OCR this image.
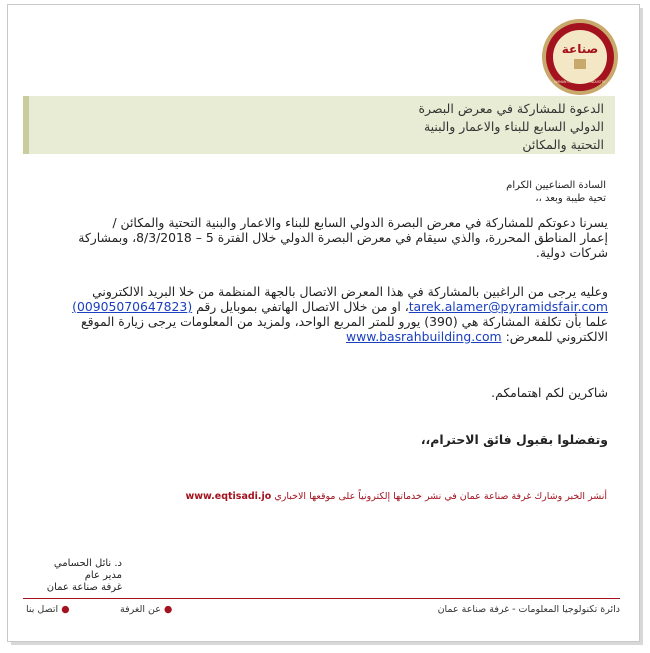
صناعة
AMMAN CHAMBER OF INDUSTRY
الدعوة للمشاركة في معرض البصرة
الدولي السابع للبناء والاعمار والبنية
التحتية والمكائن
السادة الصناعيين الكرام
تحية طيبة وبعد ،،
يسرنا دعوتكم للمشاركة في معرض البصرة الدولي السابع للبناء والاعمار والبنية التحتية والمكائن /
إعمار المناطق المحررة، والذي سيقام في معرض البصرة الدولي خلال الفترة 5 – 8/3/2018، وبمشاركة
شركات دولية.
وعليه يرجى من الراغبين بالمشاركة في هذا المعرض الاتصال بالجهة المنظمة من خلا البريد الالكتروني
tarek.alamer@pyramidsfair.com، او من خلال الاتصال الهاتفي بموبايل رقم (00905070647823)
علما بأن تكلفة المشاركة هي (390) يورو للمتر المربع الواحد، ولمزيد من المعلومات يرجى زيارة الموقع
الالكتروني للمعرض: www.basrahbuilding.com
شاكرين لكم اهتمامكم.
وتفضلوا بقبول فائق الاحترام،،
أنشر الخبر وشارك غرفة صناعة عمان في نشر خدماتها إلكترونياً على موقعها الاخباري www.eqtisadi.jo
د. نائل الحسامي
مدير عام
غرفة صناعة عمان
دائرة تكنولوجيا المعلومات - غرفة صناعة عمان
● عن الغرفة
● اتصل بنا
